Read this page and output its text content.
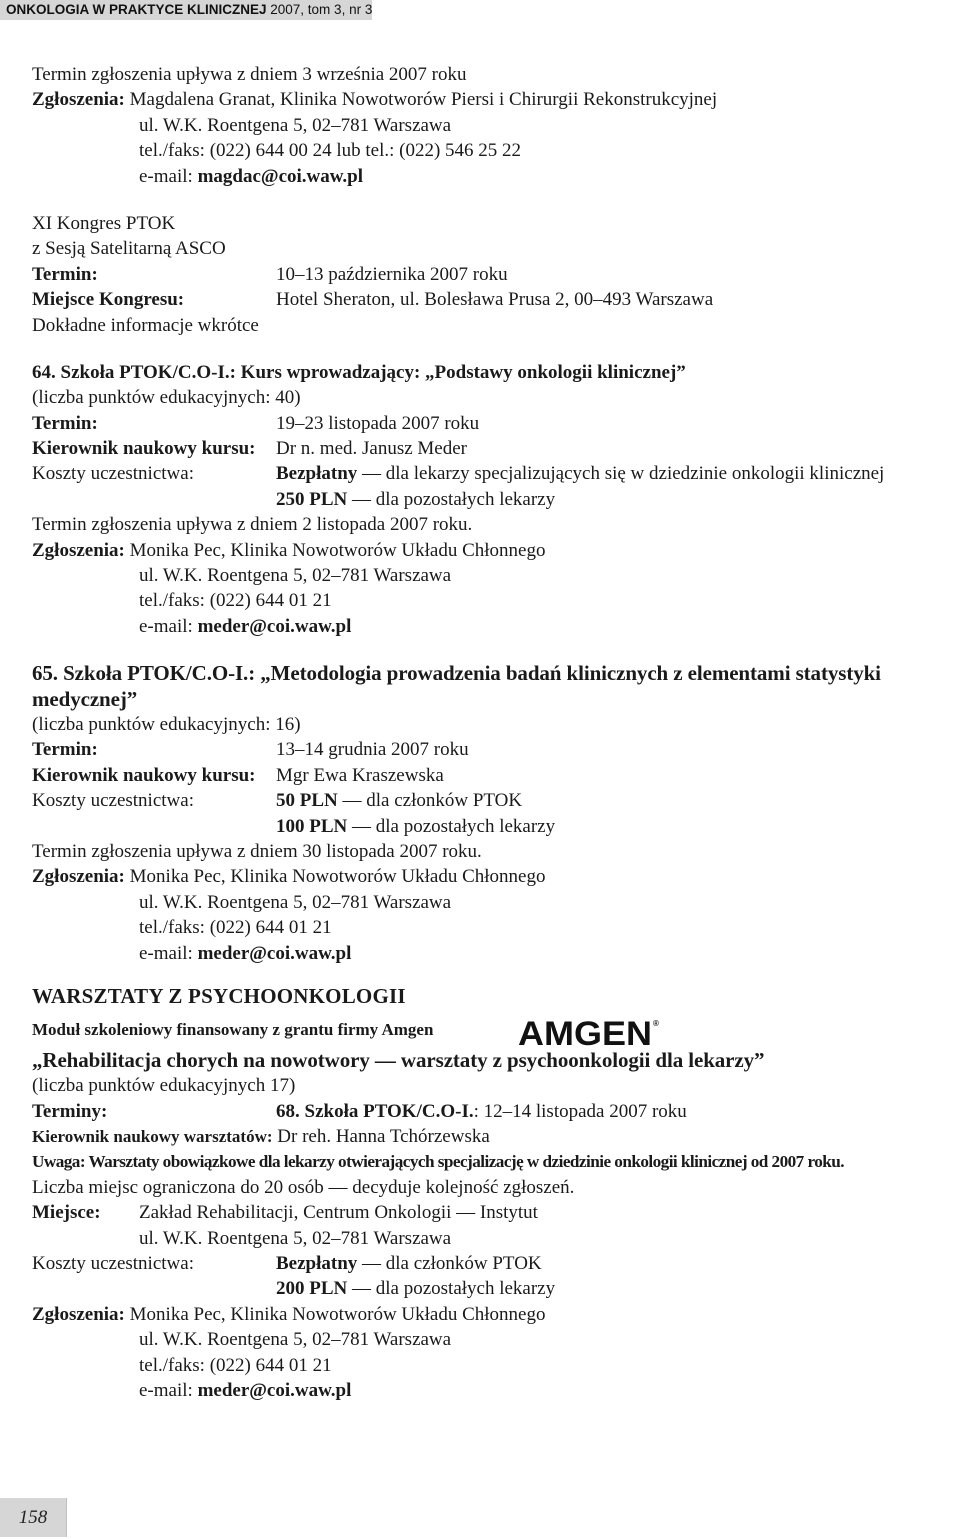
ONKOLOGIA W PRAKTYCE KLINICZNEJ 2007, tom 3, nr 3
Termin zgłoszenia upływa z dniem 3 września 2007 roku
Zgłoszenia: Magdalena Granat, Klinika Nowotworów Piersi i Chirurgii Rekonstrukcyjnej
ul. W.K. Roentgena 5, 02–781 Warszawa
tel./faks: (022) 644 00 24 lub tel.: (022) 546 25 22
e-mail: magdac@coi.waw.pl
XI Kongres PTOK
z Sesją Satelitarną ASCO
Termin:	10–13 października 2007 roku
Miejsce Kongresu:	Hotel Sheraton, ul. Bolesława Prusa 2, 00–493 Warszawa
Dokładne informacje wkrótce
64. Szkoła PTOK/C.O-I.: Kurs wprowadzający: „Podstawy onkologii klinicznej”
(liczba punktów edukacyjnych: 40)
Termin:	19–23 listopada 2007 roku
Kierownik naukowy kursu: Dr n. med. Janusz Meder
Koszty uczestnictwa:	Bezpłatny — dla lekarzy specjalizujących się w dziedzinie onkologii klinicznej
250 PLN — dla pozostałych lekarzy
Termin zgłoszenia upływa z dniem 2 listopada 2007 roku.
Zgłoszenia: Monika Pec, Klinika Nowotworów Układu Chłonnego
ul. W.K. Roentgena 5, 02–781 Warszawa
tel./faks: (022) 644 01 21
e-mail: meder@coi.waw.pl
65. Szkoła PTOK/C.O-I.: „Metodologia prowadzenia badań klinicznych z elementami statystyki
medycznej”
(liczba punktów edukacyjnych: 16)
Termin:	13–14 grudnia 2007 roku
Kierownik naukowy kursu: Mgr Ewa Kraszewska
Koszty uczestnictwa:	50 PLN — dla członków PTOK
100 PLN — dla pozostałych lekarzy
Termin zgłoszenia upływa z dniem 30 listopada 2007 roku.
Zgłoszenia: Monika Pec, Klinika Nowotworów Układu Chłonnego
ul. W.K. Roentgena 5, 02–781 Warszawa
tel./faks: (022) 644 01 21
e-mail: meder@coi.waw.pl
WARSZTATY Z PSYCHOONKOLOGII
Moduł szkoleniowy finansowany z grantu firmy Amgen AMGEN ®
„Rehabilitacja chorych na nowotwory — warsztaty z psychoonkologii dla lekarzy”
(liczba punktów edukacyjnych 17)
Terminy:	68. Szkoła PTOK/C.O-I.: 12–14 listopada 2007 roku
Kierownik naukowy warsztatów: Dr reh. Hanna Tchórzewska
Uwaga: Warsztaty obowiązkowe dla lekarzy otwierających specjalizację w dziedzinie onkologii klinicznej od 2007 roku.
Liczba miejsc ograniczona do 20 osób — decyduje kolejność zgłoszeń.
Miejsce: Zakład Rehabilitacji, Centrum Onkologii — Instytut
ul. W.K. Roentgena 5, 02–781 Warszawa
Koszty uczestnictwa:	Bezpłatny — dla członków PTOK
200 PLN — dla pozostałych lekarzy
Zgłoszenia: Monika Pec, Klinika Nowotworów Układu Chłonnego
ul. W.K. Roentgena 5, 02–781 Warszawa
tel./faks: (022) 644 01 21
e-mail: meder@coi.waw.pl
158
